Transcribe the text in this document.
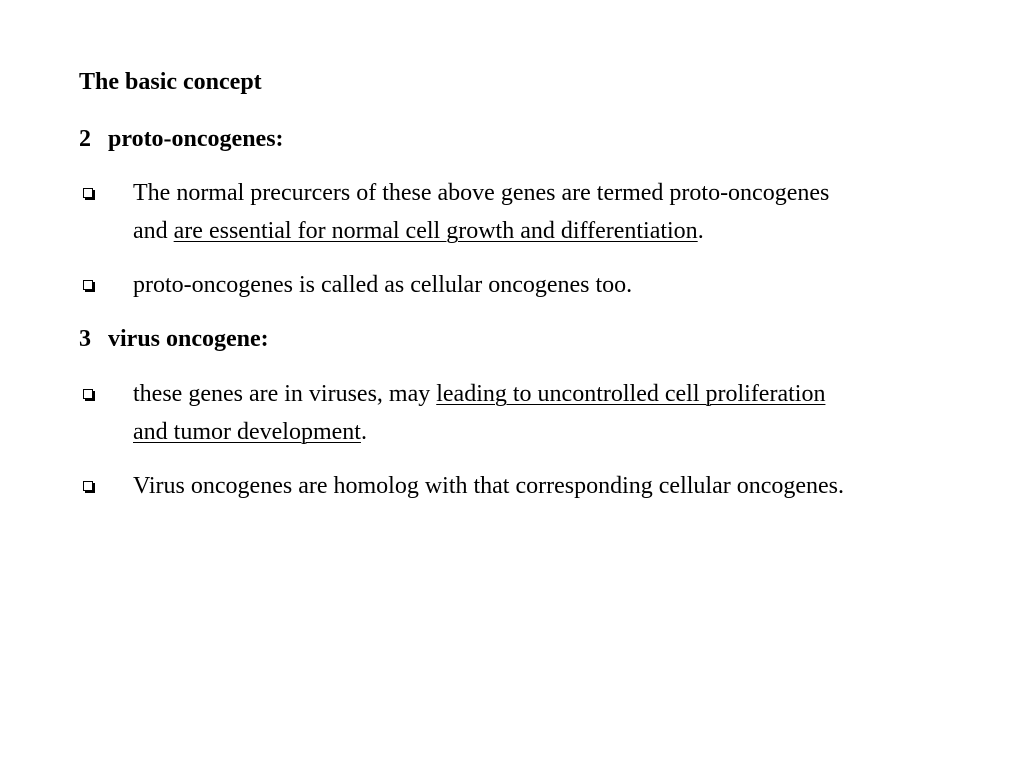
The basic concept
2 proto-oncogenes:
The normal precurcers of these above genes are termed proto-oncogenes
and are essential for normal cell growth and differentiation.
proto-oncogenes is called as cellular oncogenes too.
3 virus oncogene:
these genes are in viruses, may leading to uncontrolled cell proliferation
and tumor development.
Virus oncogenes are homolog with that corresponding cellular oncogenes.
